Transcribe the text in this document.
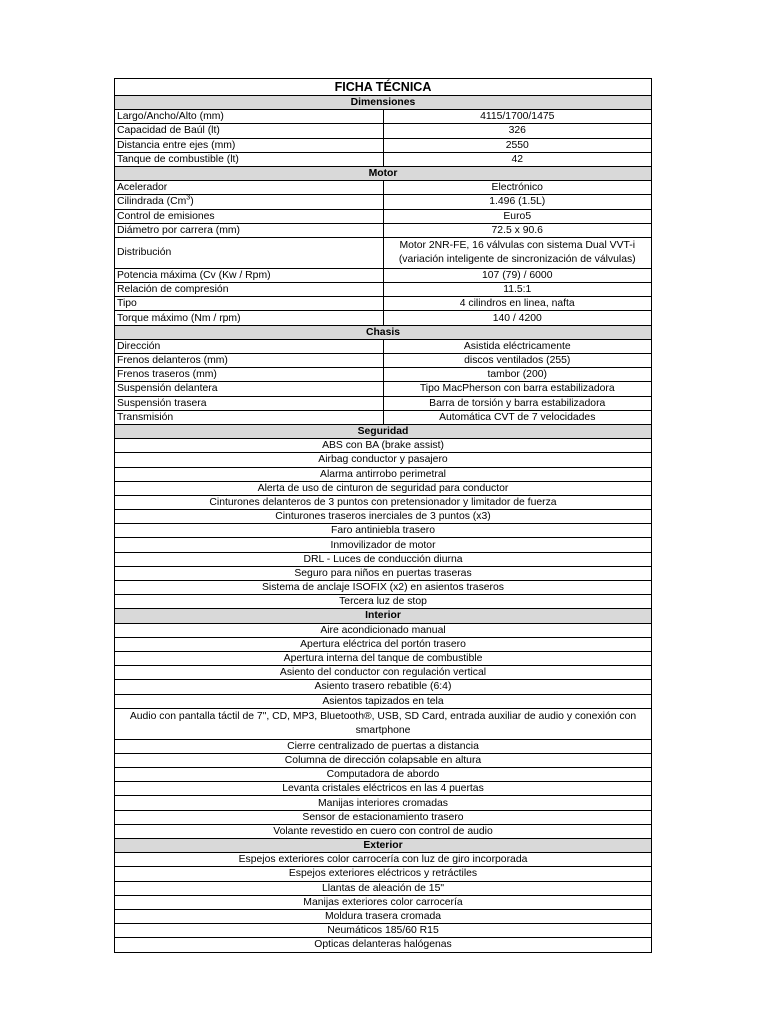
FICHA TÉCNICA	
Dimensiones	
Largo/Ancho/Alto (mm)	4115/1700/1475
Capacidad de Baúl (lt)	326
Distancia entre ejes (mm)	2550
Tanque de combustible (lt)	42
Motor	
Acelerador	Electrónico
Cilindrada (Cm$^3$)	1.496 (1.5L)
Control de emisiones	Euro5
Diámetro por carrera (mm)	72.5 x 90.6
Distribución	Motor 2NR-FE, 16 válvulas con sistema Dual VVT-i (variación inteligente de sincronización de válvulas)
Potencia máxima (Cv (Kw / Rpm)	107 (79) / 6000
Relación de compresión	11.5:1
Tipo	4 cilindros en linea, nafta
Torque máximo (Nm / rpm)	140 / 4200
Chasis	
Dirección	Asistida eléctricamente
Frenos delanteros (mm)	discos ventilados (255)
Frenos traseros (mm)	tambor (200)
Suspensión delantera	Tipo MacPherson con barra estabilizadora
Suspensión trasera	Barra de torsión y barra estabilizadora
Transmisión	Automática CVT de 7 velocidades
Seguridad	
ABS con BA (brake assist)	
Airbag conductor y pasajero	
Alarma antirrobo perimetral	
Alerta de uso de cinturon de seguridad para conductor	
Cinturones delanteros de 3 puntos con pretensionador y limitador de fuerza	
Cinturones traseros inerciales de 3 puntos (x3)	
Faro antiniebla trasero	
Inmovilizador de motor	
DRL - Luces de conducción diurna	
Seguro para niños en puertas traseras	
Sistema de anclaje ISOFIX (x2) en asientos traseros	
Tercera luz de stop	
Interior	
Aire acondicionado manual	
Apertura eléctrica del portón trasero	
Apertura interna del tanque de combustible	
Asiento del conductor con regulación vertical	
Asiento trasero rebatible (6:4)	
Asientos tapizados en tela	
Audio con pantalla táctil de 7", CD, MP3, Bluetooth®, USB, SD Card, entrada auxiliar de audio y conexión con smartphone	
Cierre centralizado de puertas a distancia	
Columna de dirección colapsable en altura	
Computadora de abordo	
Levanta cristales eléctricos en las 4 puertas	
Manijas interiores cromadas	
Sensor de estacionamiento trasero	
Volante revestido en cuero con control de audio	
Exterior	
Espejos exteriores color carrocería con luz de giro incorporada	
Espejos exteriores eléctricos y retráctiles	
Llantas de aleación de 15"	
Manijas exteriores color carrocería	
Moldura trasera cromada	
Neumáticos 185/60 R15	
Opticas delanteras halógenas	
